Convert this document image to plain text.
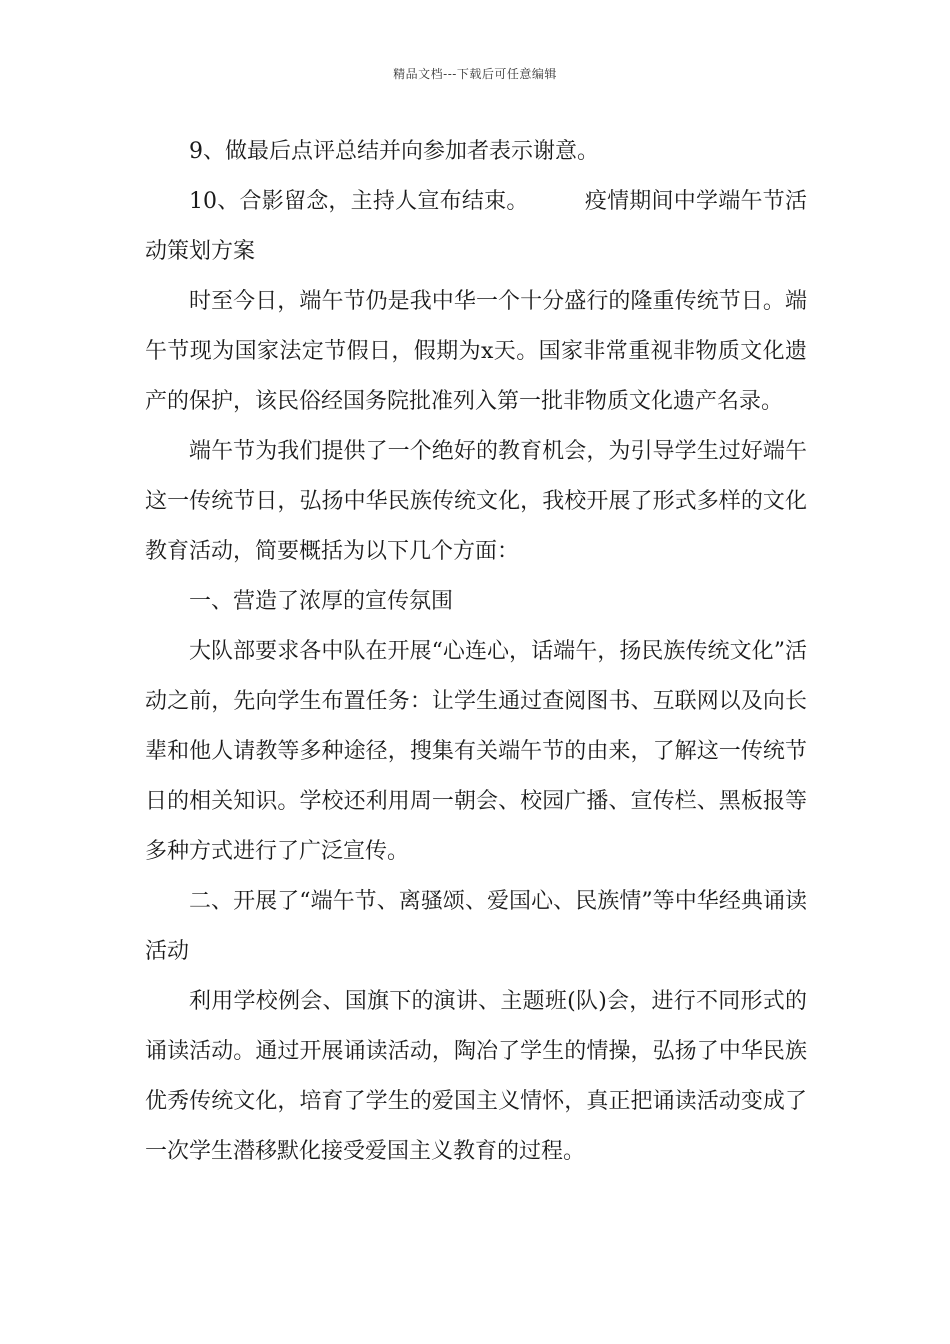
精品文档---下载后可任意编辑

9、做最后点评总结并向参加者表示谢意。

10、合影留念，主持人宣布结束。	疫情期间中学端午节活动策划方案

时至今日，端午节仍是我中华一个十分盛行的隆重传统节日。端午节现为国家法定节假日，假期为x天。国家非常重视非物质文化遗产的保护，该民俗经国务院批准列入第一批非物质文化遗产名录。

端午节为我们提供了一个绝好的教育机会，为引导学生过好端午这一传统节日，弘扬中华民族传统文化，我校开展了形式多样的文化教育活动，简要概括为以下几个方面：

一、营造了浓厚的宣传氛围

大队部要求各中队在开展“心连心，话端午，扬民族传统文化”活动之前，先向学生布置任务：让学生通过查阅图书、互联网以及向长辈和他人请教等多种途径，搜集有关端午节的由来，了解这一传统节日的相关知识。学校还利用周一朝会、校园广播、宣传栏、黑板报等多种方式进行了广泛宣传。

二、开展了“端午节、离骚颂、爱国心、民族情”等中华经典诵读活动

利用学校例会、国旗下的演讲、主题班(队)会，进行不同形式的诵读活动。通过开展诵读活动，陶冶了学生的情操，弘扬了中华民族优秀传统文化，培育了学生的爱国主义情怀，真正把诵读活动变成了一次学生潜移默化接受爱国主义教育的过程。
